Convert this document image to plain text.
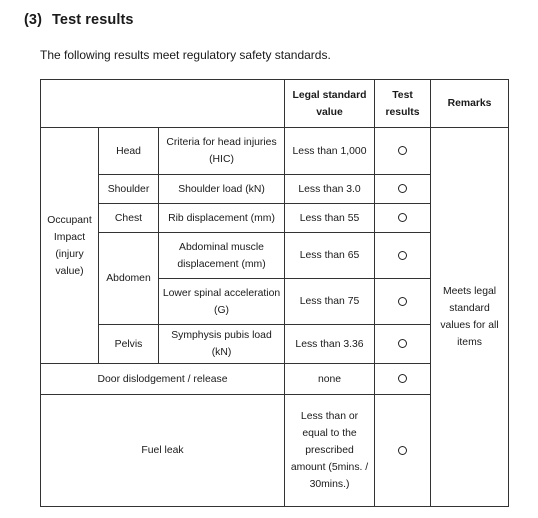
(3) Test results
The following results meet regulatory safety standards.
			Legal standard value	Test results	Remarks
Occupant Impact (injury value)	Head	Criteria for head injuries (HIC)	Less than 1,000		Meets legal standard values for all items
	Shoulder	Shoulder load (kN)	Less than 3.0		
	Chest	Rib displacement (mm)	Less than 55		
	Abdomen	Abdominal muscle displacement (mm)	Less than 65		
		Lower spinal acceleration (G)	Less than 75		
	Pelvis	Symphysis pubis load (kN)	Less than 3.36		
Door dislodgement / release			none		
Fuel leak			Less than or equal to the prescribed amount (5mins. / 30mins.)		
